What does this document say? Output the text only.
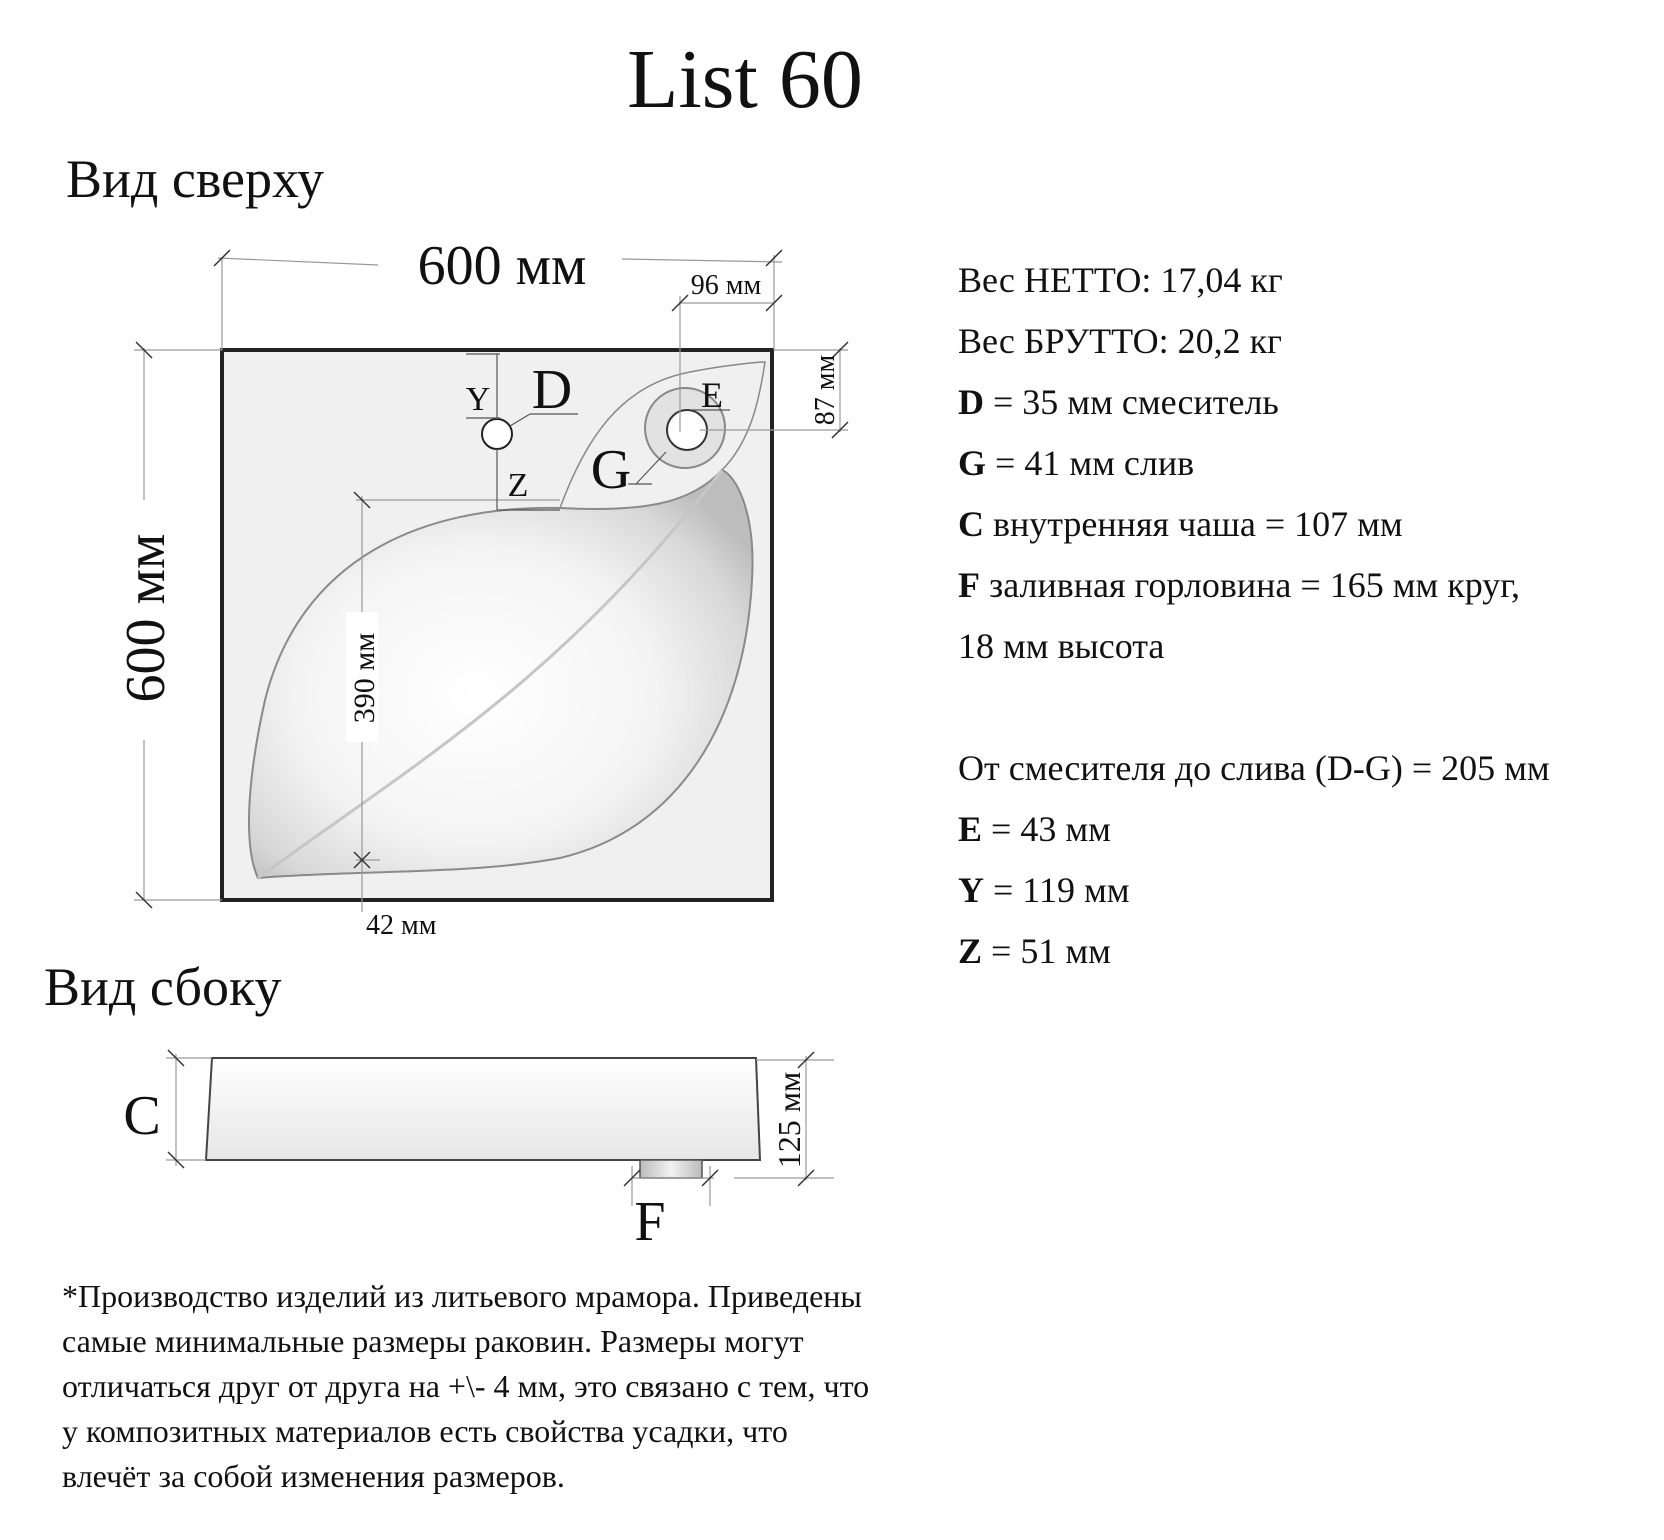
List 60
Вид сверху
Вид сбоку
600 мм
600 мм
96 мм
87 мм
390 мм
42 мм
Y D
Z G
E
C	125 мм
F
Вес НЕТТО: 17,04 кг
Вес БРУТТО: 20,2 кг
D = 35 мм смеситель
G = 41 мм слив
C внутренняя чаша = 107 мм
F заливная горловина = 165 мм круг,
18 мм высота
От смесителя до слива (D-G) = 205 мм
E = 43 мм
Y = 119 мм
Z = 51 мм
*Производство изделий из литьевого мрамора. Приведены
самые минимальные размеры раковин. Размеры могут
отличаться друг от друга на +\- 4 мм, это связано с тем, что
у композитных материалов есть свойства усадки, что
влечёт за собой изменения размеров.
